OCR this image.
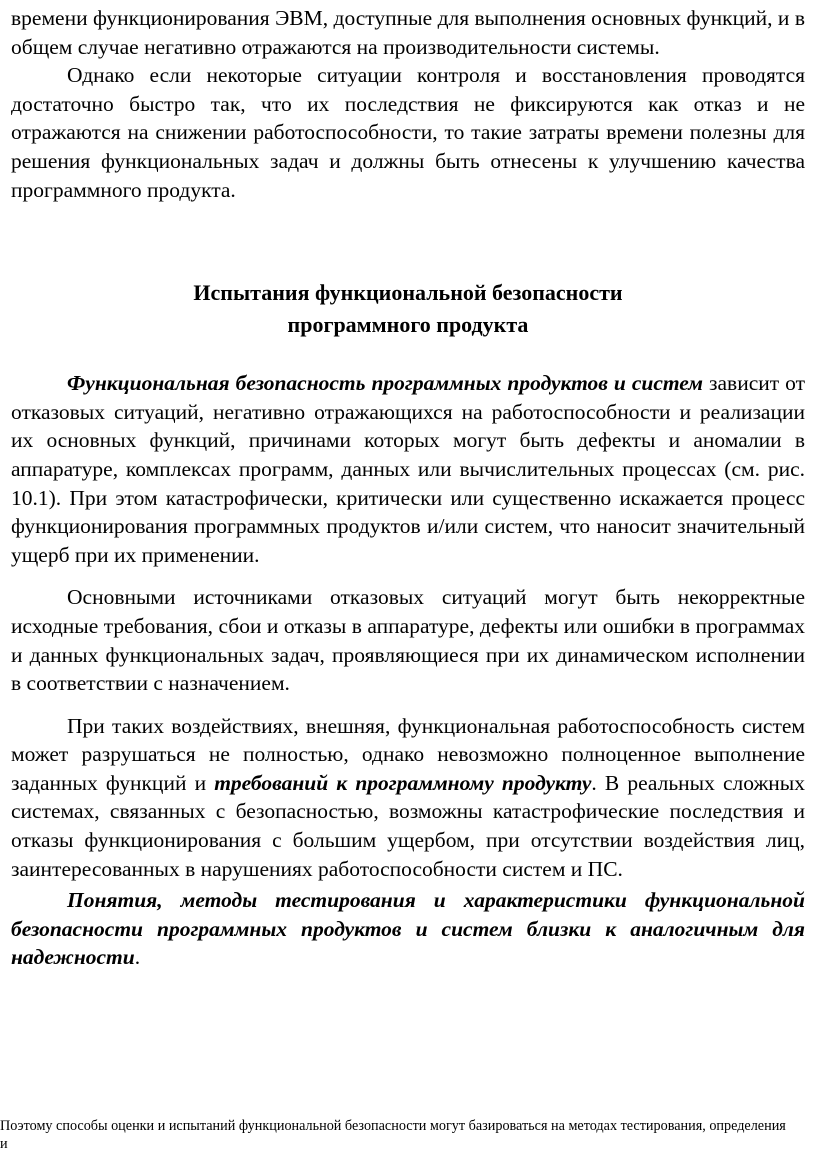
времени функционирования ЭВМ, доступные для выполнения основных функций, и в общем случае негативно отражаются на производительности системы.

Однако если некоторые ситуации контроля и восстановления проводятся достаточно быстро так, что их последствия не фиксируются как отказ и не отражаются на снижении работоспособности, то такие затраты времени полезны для решения функциональных задач и должны быть отнесены к улучшению качества программного продукта.

Испытания функциональной безопасности
программного продукта

Функциональная безопасность программных продуктов и систем зависит от отказовых ситуаций, негативно отражающихся на работоспособности и реализации их основных функций, причинами которых могут быть дефекты и аномалии в аппаратуре, комплексах программ, данных или вычислительных процессах (см. рис. 10.1). При этом катастрофически, критически или существенно искажается процесс функционирования программных продуктов и/или систем, что наносит значительный ущерб при их применении.

Основными источниками отказовых ситуаций могут быть некорректные исходные требования, сбои и отказы в аппаратуре, дефекты или ошибки в программах и данных функциональных задач, проявляющиеся при их динамическом исполнении в соответствии с назначением.

При таких воздействиях, внешняя, функциональная работоспособность систем может разрушаться не полностью, однако невозможно полноценное выполнение заданных функций и требований к программному продукту. В реальных сложных системах, связанных с безопасностью, возможны катастрофические последствия и отказы функционирования с большим ущербом, при отсутствии воздействия лиц, заинтересованных в нарушениях работоспособности систем и ПС.

Понятия, методы тестирования и характеристики функциональной безопасности программных продуктов и систем близки к аналогичным для надежности.

Поэтому способы оценки и испытаний функциональной безопасности могут базироваться на методах тестирования, определения и
